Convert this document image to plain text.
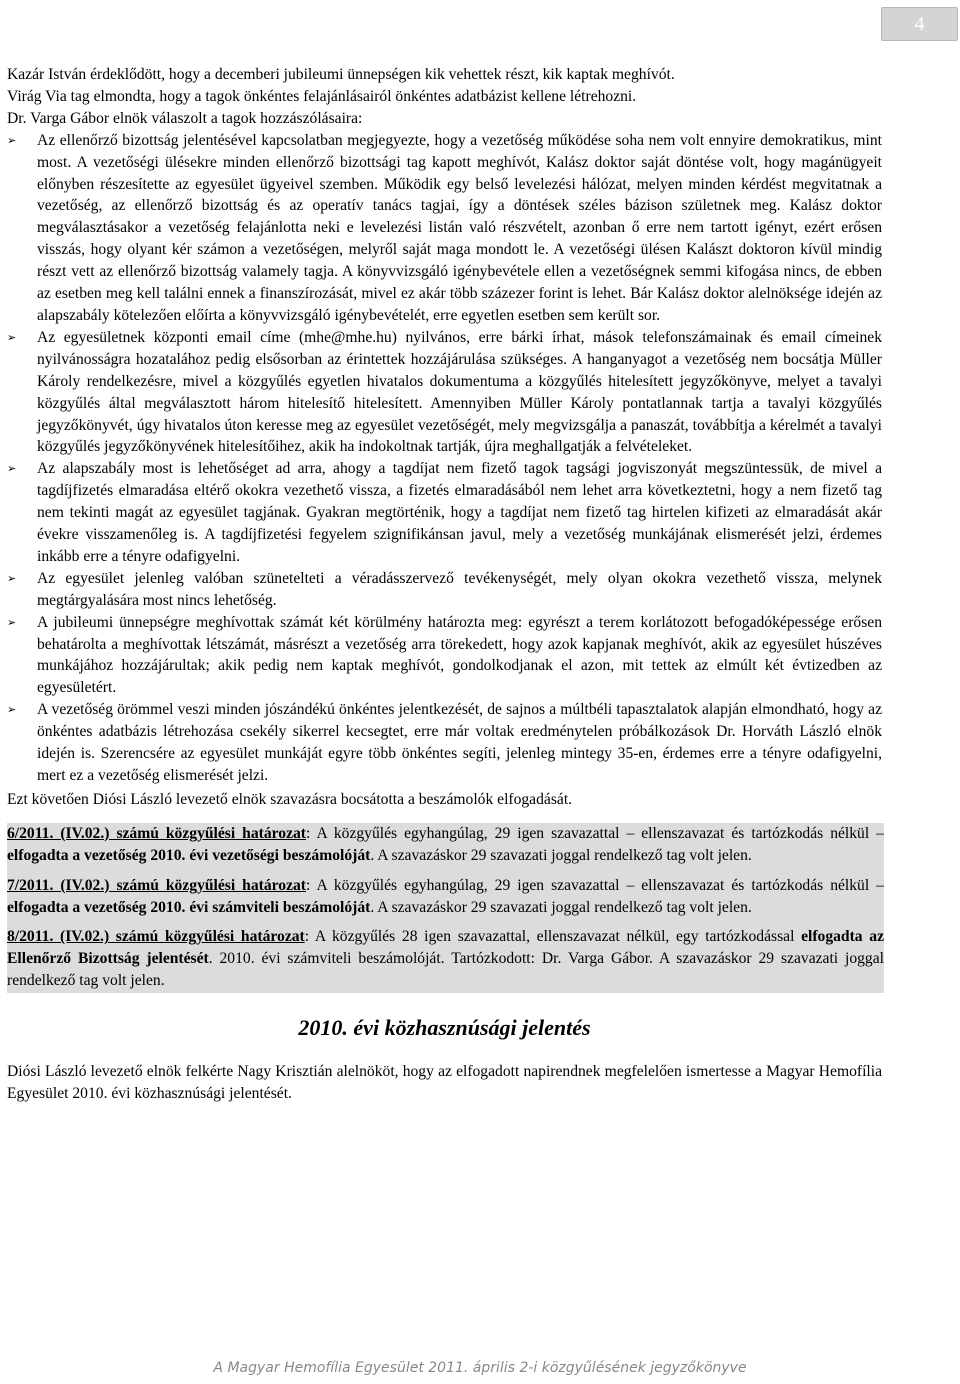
4

Kazár István érdeklődött, hogy a decemberi jubileumi ünnepségen kik vehettek részt, kik kaptak meghívót.

Virág Via tag elmondta, hogy a tagok önkéntes felajánlásairól önkéntes adatbázist kellene létrehozni.

Dr. Varga Gábor elnök válaszolt a tagok hozzászólásaira:

➢ Az ellenőrző bizottság jelentésével kapcsolatban megjegyezte, hogy a vezetőség működése soha nem volt ennyire demokratikus, mint most. A vezetőségi ülésekre minden ellenőrző bizottsági tag kapott meghívót, Kalász doktor saját döntése volt, hogy magánügyeit előnyben részesítette az egyesület ügyeivel szemben. Működik egy belső levelezési hálózat, melyen minden kérdést megvitatnak a vezetőség, az ellenőrző bizottság és az operatív tanács tagjai, így a döntések széles bázison születnek meg. Kalász doktor megválasztásakor a vezetőség felajánlotta neki e levelezési listán való részvételt, azonban ő erre nem tartott igényt, ezért erősen visszás, hogy olyant kér számon a vezetőségen, melyről saját maga mondott le. A vezetőségi ülésen Kalászt doktoron kívül mindig részt vett az ellenőrző bizottság valamely tagja. A könyvvizsgáló igénybevétele ellen a vezetőségnek semmi kifogása nincs, de ebben az esetben meg kell találni ennek a finanszírozását, mivel ez akár több százezer forint is lehet. Bár Kalász doktor alelnöksége idején az alapszabály kötelezően előírta a könyvvizsgáló igénybevételét, erre egyetlen esetben sem került sor.

➢ Az egyesületnek központi email címe (mhe@mhe.hu) nyilvános, erre bárki írhat, mások telefonszámainak és email címeinek nyilvánosságra hozatalához pedig elsősorban az érintettek hozzájárulása szükséges. A hanganyagot a vezetőség nem bocsátja Müller Károly rendelkezésre, mivel a közgyűlés egyetlen hivatalos dokumentuma a közgyűlés hitelesített jegyzőkönyve, melyet a tavalyi közgyűlés által megválasztott három hitelesítő hitelesített. Amennyiben Müller Károly pontatlannak tartja a tavalyi közgyűlés jegyzőkönyvét, úgy hivatalos úton keresse meg az egyesület vezetőségét, mely megvizsgálja a panaszát, továbbítja a kérelmét a tavalyi közgyűlés jegyzőkönyvének hitelesítőihez, akik ha indokoltnak tartják, újra meghallgatják a felvételeket.

➢ Az alapszabály most is lehetőséget ad arra, ahogy a tagdíjat nem fizető tagok tagsági jogviszonyát megszüntessük, de mivel a tagdíjfizetés elmaradása eltérő okokra vezethető vissza, a fizetés elmaradásából nem lehet arra következtetni, hogy a nem fizető tag nem tekinti magát az egyesület tagjának. Gyakran megtörténik, hogy a tagdíjat nem fizető tag hirtelen kifizeti az elmaradását akár évekre visszamenőleg is. A tagdíjfizetési fegyelem szignifikánsan javul, mely a vezetőség munkájának elismerését jelzi, érdemes inkább erre a tényre odafigyelni.

➢ Az egyesület jelenleg valóban szünetelteti a véradásszervező tevékenységét, mely olyan okokra vezethető vissza, melynek megtárgyalására most nincs lehetőség.

➢ A jubileumi ünnepségre meghívottak számát két körülmény határozta meg: egyrészt a terem korlátozott befogadóképessége erősen behatárolta a meghívottak létszámát, másrészt a vezetőség arra törekedett, hogy azok kapjanak meghívót, akik az egyesület húszéves munkájához hozzájárultak; akik pedig nem kaptak meghívót, gondolkodjanak el azon, mit tettek az elmúlt két évtizedben az egyesületért.

➢ A vezetőség örömmel veszi minden jószándékú önkéntes jelentkezését, de sajnos a múltbéli tapasztalatok alapján elmondható, hogy az önkéntes adatbázis létrehozása csekély sikerrel kecsegtet, erre már voltak eredménytelen próbálkozások Dr. Horváth László elnök idején is. Szerencsére az egyesület munkáját egyre több önkéntes segíti, jelenleg mintegy 35-en, érdemes erre a tényre odafigyelni, mert ez a vezetőség elismerését jelzi.

Ezt követően Diósi László levezető elnök szavazásra bocsátotta a beszámolók elfogadását.

6/2011. (IV.02.) számú közgyűlési határozat: A közgyűlés egyhangúlag, 29 igen szavazattal – ellenszavazat és tartózkodás nélkül – elfogadta a vezetőség 2010. évi vezetőségi beszámolóját. A szavazáskor 29 szavazati joggal rendelkező tag volt jelen.

7/2011. (IV.02.) számú közgyűlési határozat: A közgyűlés egyhangúlag, 29 igen szavazattal – ellenszavazat és tartózkodás nélkül – elfogadta a vezetőség 2010. évi számviteli beszámolóját. A szavazáskor 29 szavazati joggal rendelkező tag volt jelen.

8/2011. (IV.02.) számú közgyűlési határozat: A közgyűlés 28 igen szavazattal, ellenszavazat nélkül, egy tartózkodással elfogadta az Ellenőrző Bizottság jelentését. 2010. évi számviteli beszámolóját. Tartózkodott: Dr. Varga Gábor. A szavazáskor 29 szavazati joggal rendelkező tag volt jelen.

2010. évi közhasznúsági jelentés

Diósi László levezető elnök felkérte Nagy Krisztián alelnököt, hogy az elfogadott napirendnek megfelelően ismertesse a Magyar Hemofília Egyesület 2010. évi közhasznúsági jelentését.

A Magyar Hemofília Egyesület 2011. április 2-i közgyűlésének jegyzőkönyve
